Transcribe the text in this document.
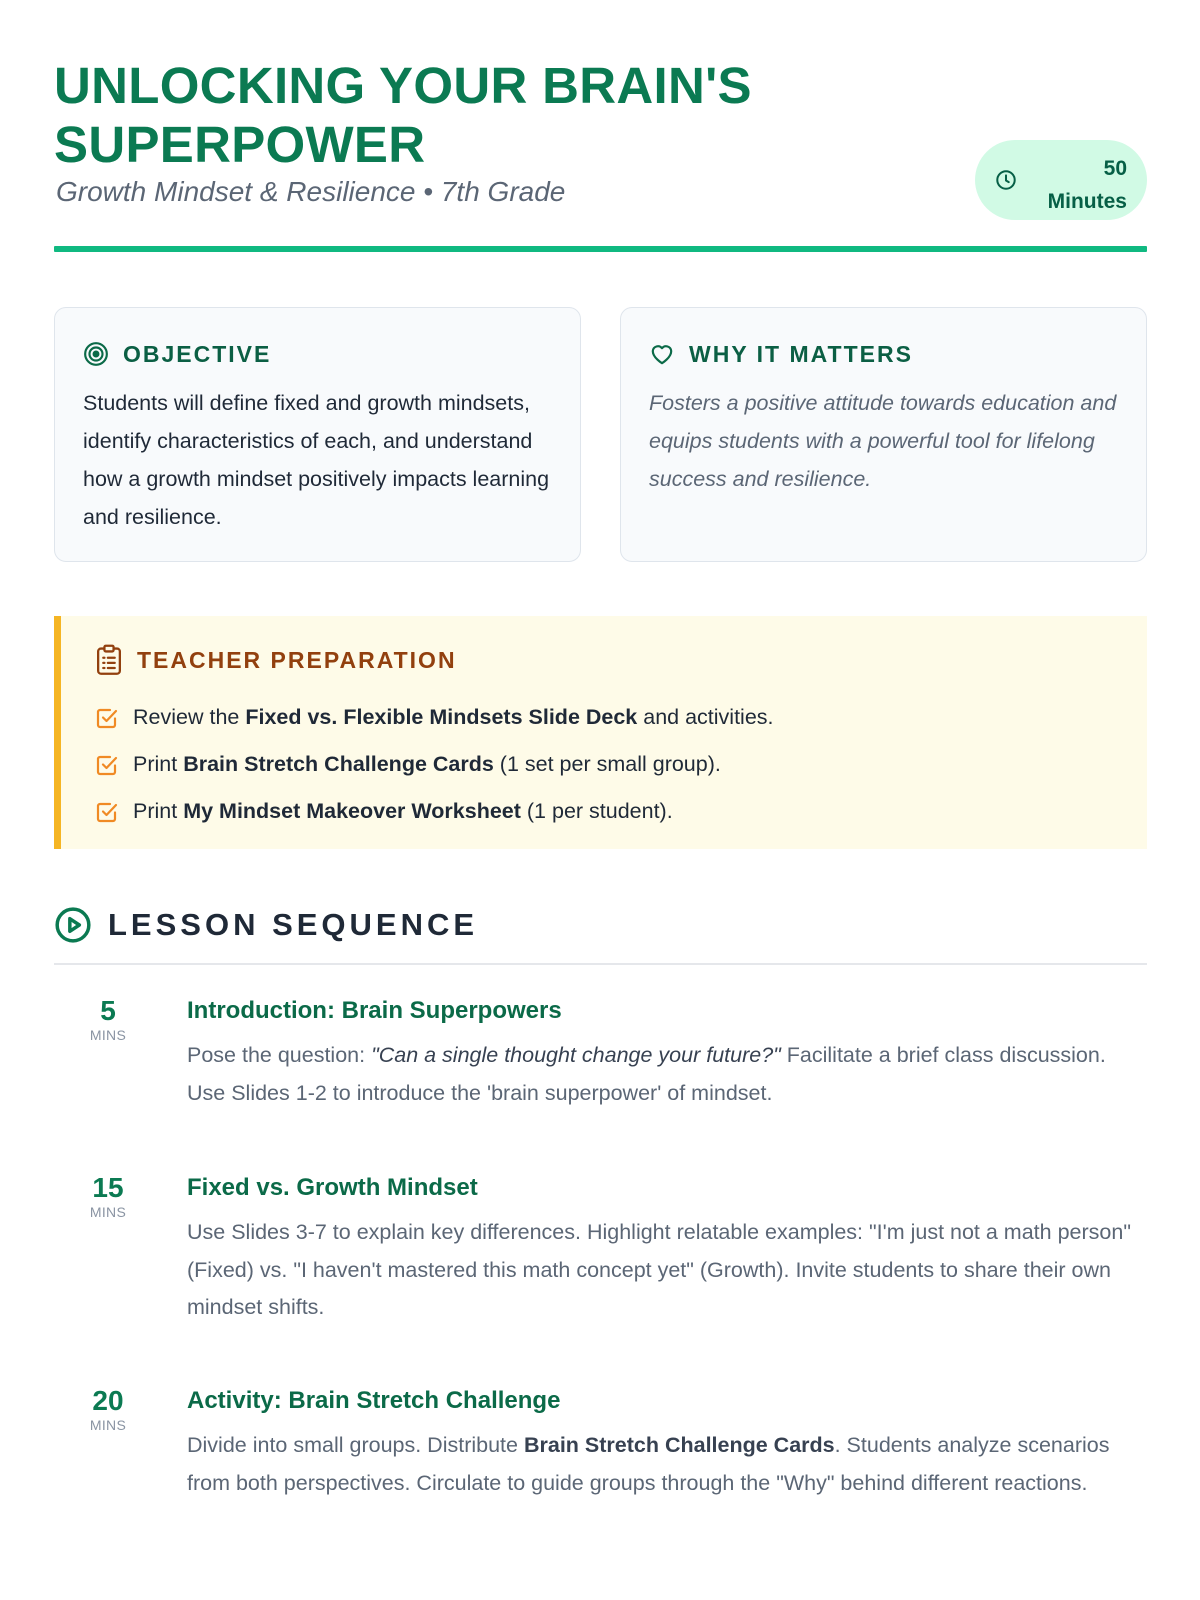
UNLOCKING YOUR BRAIN'S SUPERPOWER
Growth Mindset & Resilience • 7th Grade
50
Minutes
OBJECTIVE

Students will define fixed and growth mindsets, identify characteristics of each, and understand how a growth mindset positively impacts learning and resilience.

WHY IT MATTERS

Fosters a positive attitude towards education and equips students with a powerful tool for lifelong success and resilience.

TEACHER PREPARATION
Review the Fixed vs. Flexible Mindsets Slide Deck and activities.
Print Brain Stretch Challenge Cards (1 set per small group).
Print My Mindset Makeover Worksheet (1 per student).
LESSON SEQUENCE
5
MINS
Introduction: Brain Superpowers

Pose the question: "Can a single thought change your future?" Facilitate a brief class discussion. Use Slides 1-2 to introduce the 'brain superpower' of mindset.

15
MINS
Fixed vs. Growth Mindset

Use Slides 3-7 to explain key differences. Highlight relatable examples: "I'm just not a math person" (Fixed) vs. "I haven't mastered this math concept yet" (Growth). Invite students to share their own mindset shifts.

20
MINS
Activity: Brain Stretch Challenge

Divide into small groups. Distribute Brain Stretch Challenge Cards. Students analyze scenarios from both perspectives. Circulate to guide groups through the "Why" behind different reactions.
